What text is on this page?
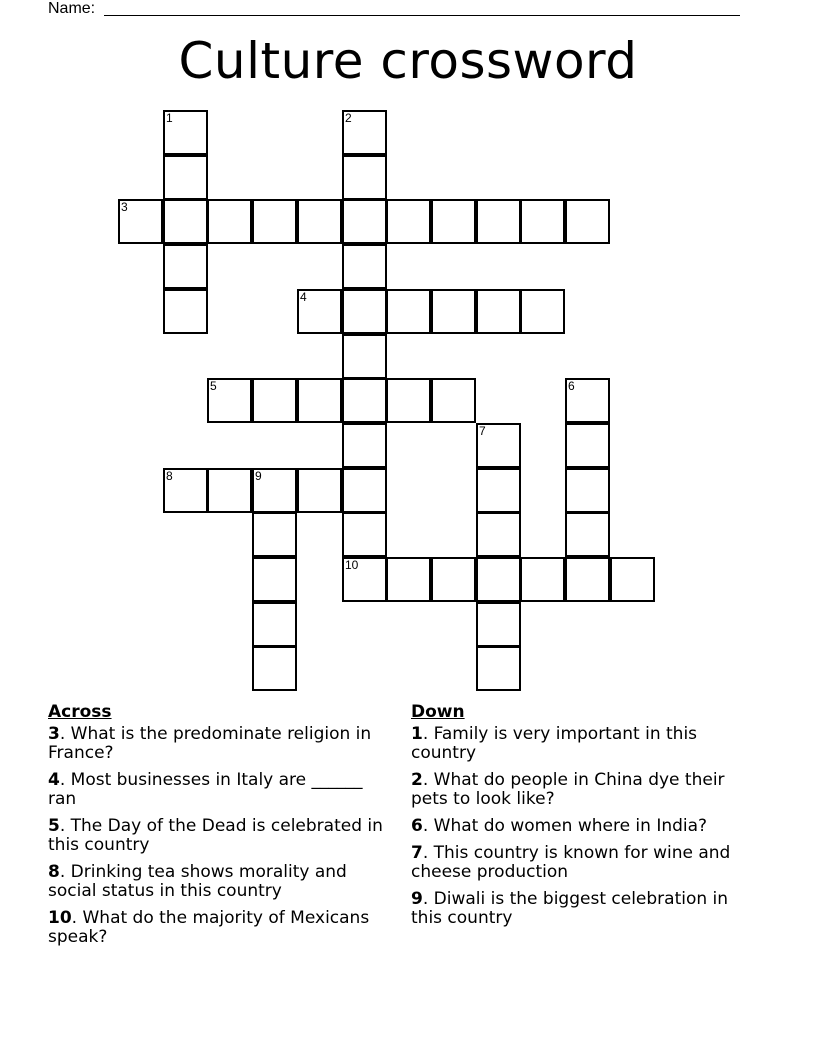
Name:
Culture crossword
1	2
3
4
5	6
7
8	9
10
Across
3. What is the predominate religion in France?
4. Most businesses in Italy are ______ ran
5. The Day of the Dead is celebrated in this country
8. Drinking tea shows morality and social status in this country
10. What do the majority of Mexicans speak?
Down
1. Family is very important in this country
2. What do people in China dye their pets to look like?
6. What do women where in India?
7. This country is known for wine and cheese production
9. Diwali is the biggest celebration in this country
